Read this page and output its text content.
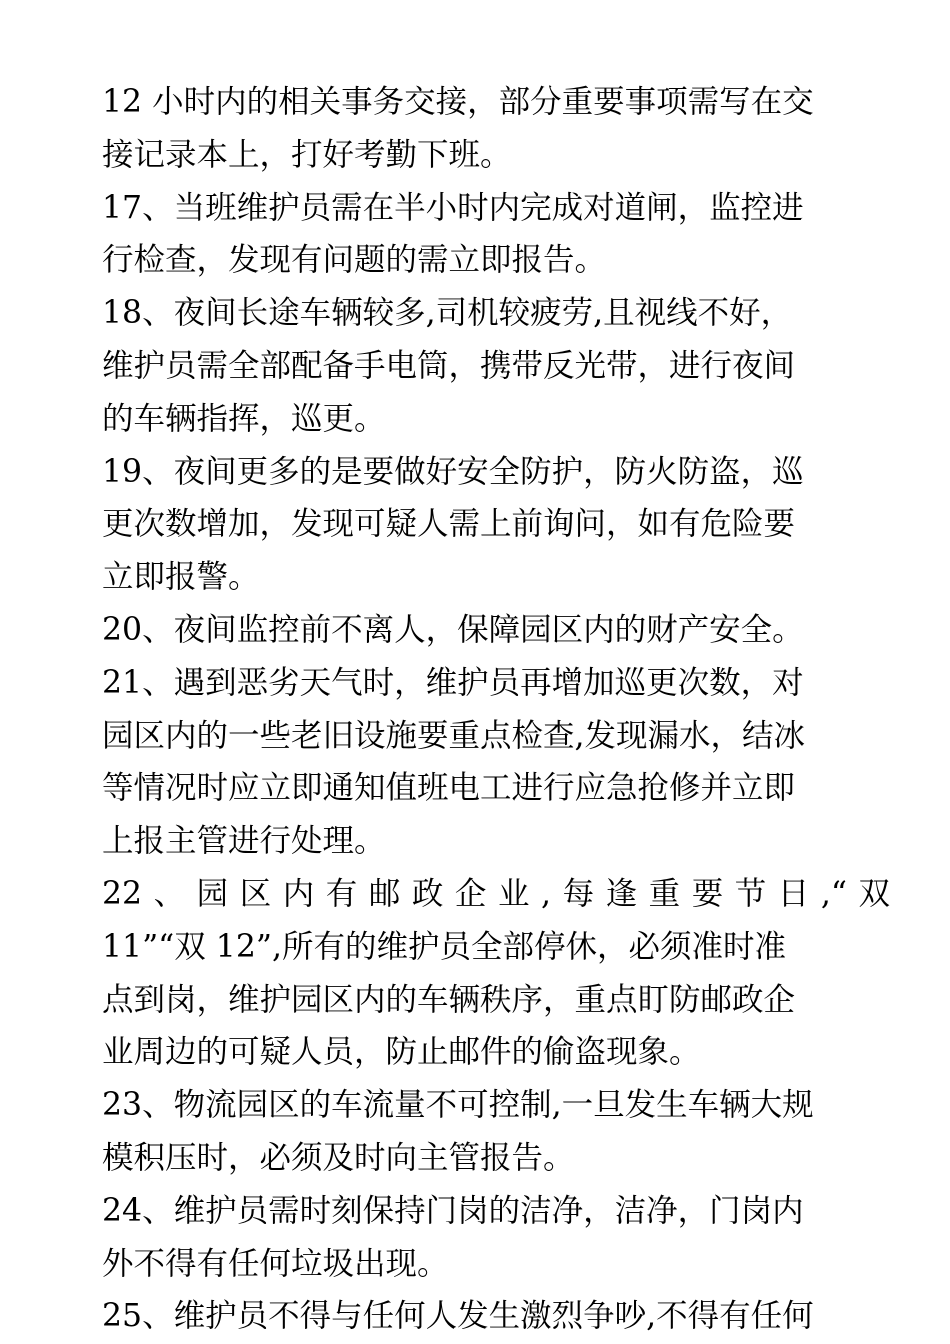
12 小时内的相关事务交接，部分重要事项需写在交
接记录本上，打好考勤下班。

17、当班维护员需在半小时内完成对道闸，监控进
行检查，发现有问题的需立即报告。

18、夜间长途车辆较多,司机较疲劳,且视线不好，
维护员需全部配备手电筒，携带反光带，进行夜间
的车辆指挥，巡更。

19、夜间更多的是要做好安全防护，防火防盗，巡
更次数增加，发现可疑人需上前询问，如有危险要
立即报警。

20、夜间监控前不离人，保障园区内的财产安全。

21、遇到恶劣天气时，维护员再增加巡更次数，对
园区内的一些老旧设施要重点检查,发现漏水，结冰
等情况时应立即通知值班电工进行应急抢修并立即
上报主管进行处理。

22、园区内有邮政企业,每逢重要节日,“双
11”“双 12”,所有的维护员全部停休，必须准时准
点到岗，维护园区内的车辆秩序，重点盯防邮政企
业周边的可疑人员，防止邮件的偷盗现象。

23、物流园区的车流量不可控制,一旦发生车辆大规
模积压时，必须及时向主管报告。

24、维护员需时刻保持门岗的洁净，洁净，门岗内
外不得有任何垃圾出现。

25、维护员不得与任何人发生激烈争吵,不得有任何
